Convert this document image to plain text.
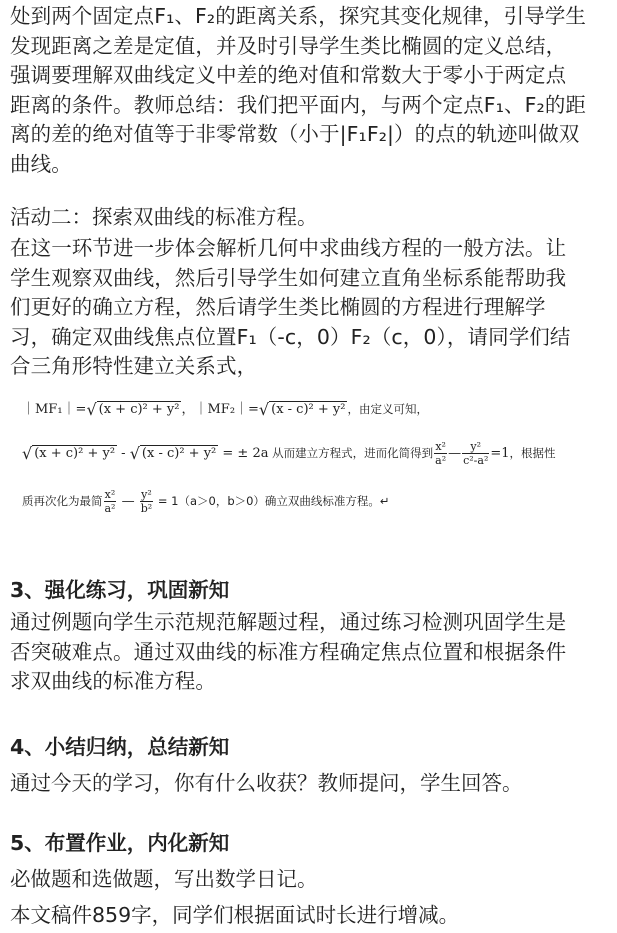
处到两个固定点F₁、F₂的距离关系，探究其变化规律，引导学生
发现距离之差是定值，并及时引导学生类比椭圆的定义总结，
强调要理解双曲线定义中差的绝对值和常数大于零小于两定点
距离的条件。教师总结：我们把平面内，与两个定点F₁、F₂的距
离的差的绝对值等于非零常数（小于|F₁F₂|）的点的轨迹叫做双
曲线。
活动二：探索双曲线的标准方程。
在这一环节进一步体会解析几何中求曲线方程的一般方法。让
学生观察双曲线，然后引导学生如何建立直角坐标系能帮助我
们更好的确立方程，然后请学生类比椭圆的方程进行理解学
习，确定双曲线焦点位置F₁（-c，0）F₂（c，0），请同学们结
合三角形特性建立关系式，
｜MF₁｜=√ (x + c)² + y² ，｜MF₂｜=√ (x - c)² + y² ，由定义可知，
√ (x + c)² + y² - √ (x - c)² + y² = ± 2a 从而建立方程式，进而化简得到 $\frac{\text{x²}}{\text{a²}}$ — $\frac{\text{y²}}{\text{c²-a²}} =1$，根据性
质再次化为最简 $\frac{\text{x²}}{\text{a²}}$ — $\frac{\text{y²}}{\text{b²}} = 1(a>0$，b＞0）确立双曲线标准方程。↵
3、强化练习，巩固新知
通过例题向学生示范规范解题过程，通过练习检测巩固学生是
否突破难点。通过双曲线的标准方程确定焦点位置和根据条件
求双曲线的标准方程。
4、小结归纳，总结新知
通过今天的学习，你有什么收获？教师提问，学生回答。
5、布置作业，内化新知
必做题和选做题，写出数学日记。
本文稿件859字，同学们根据面试时长进行增减。
